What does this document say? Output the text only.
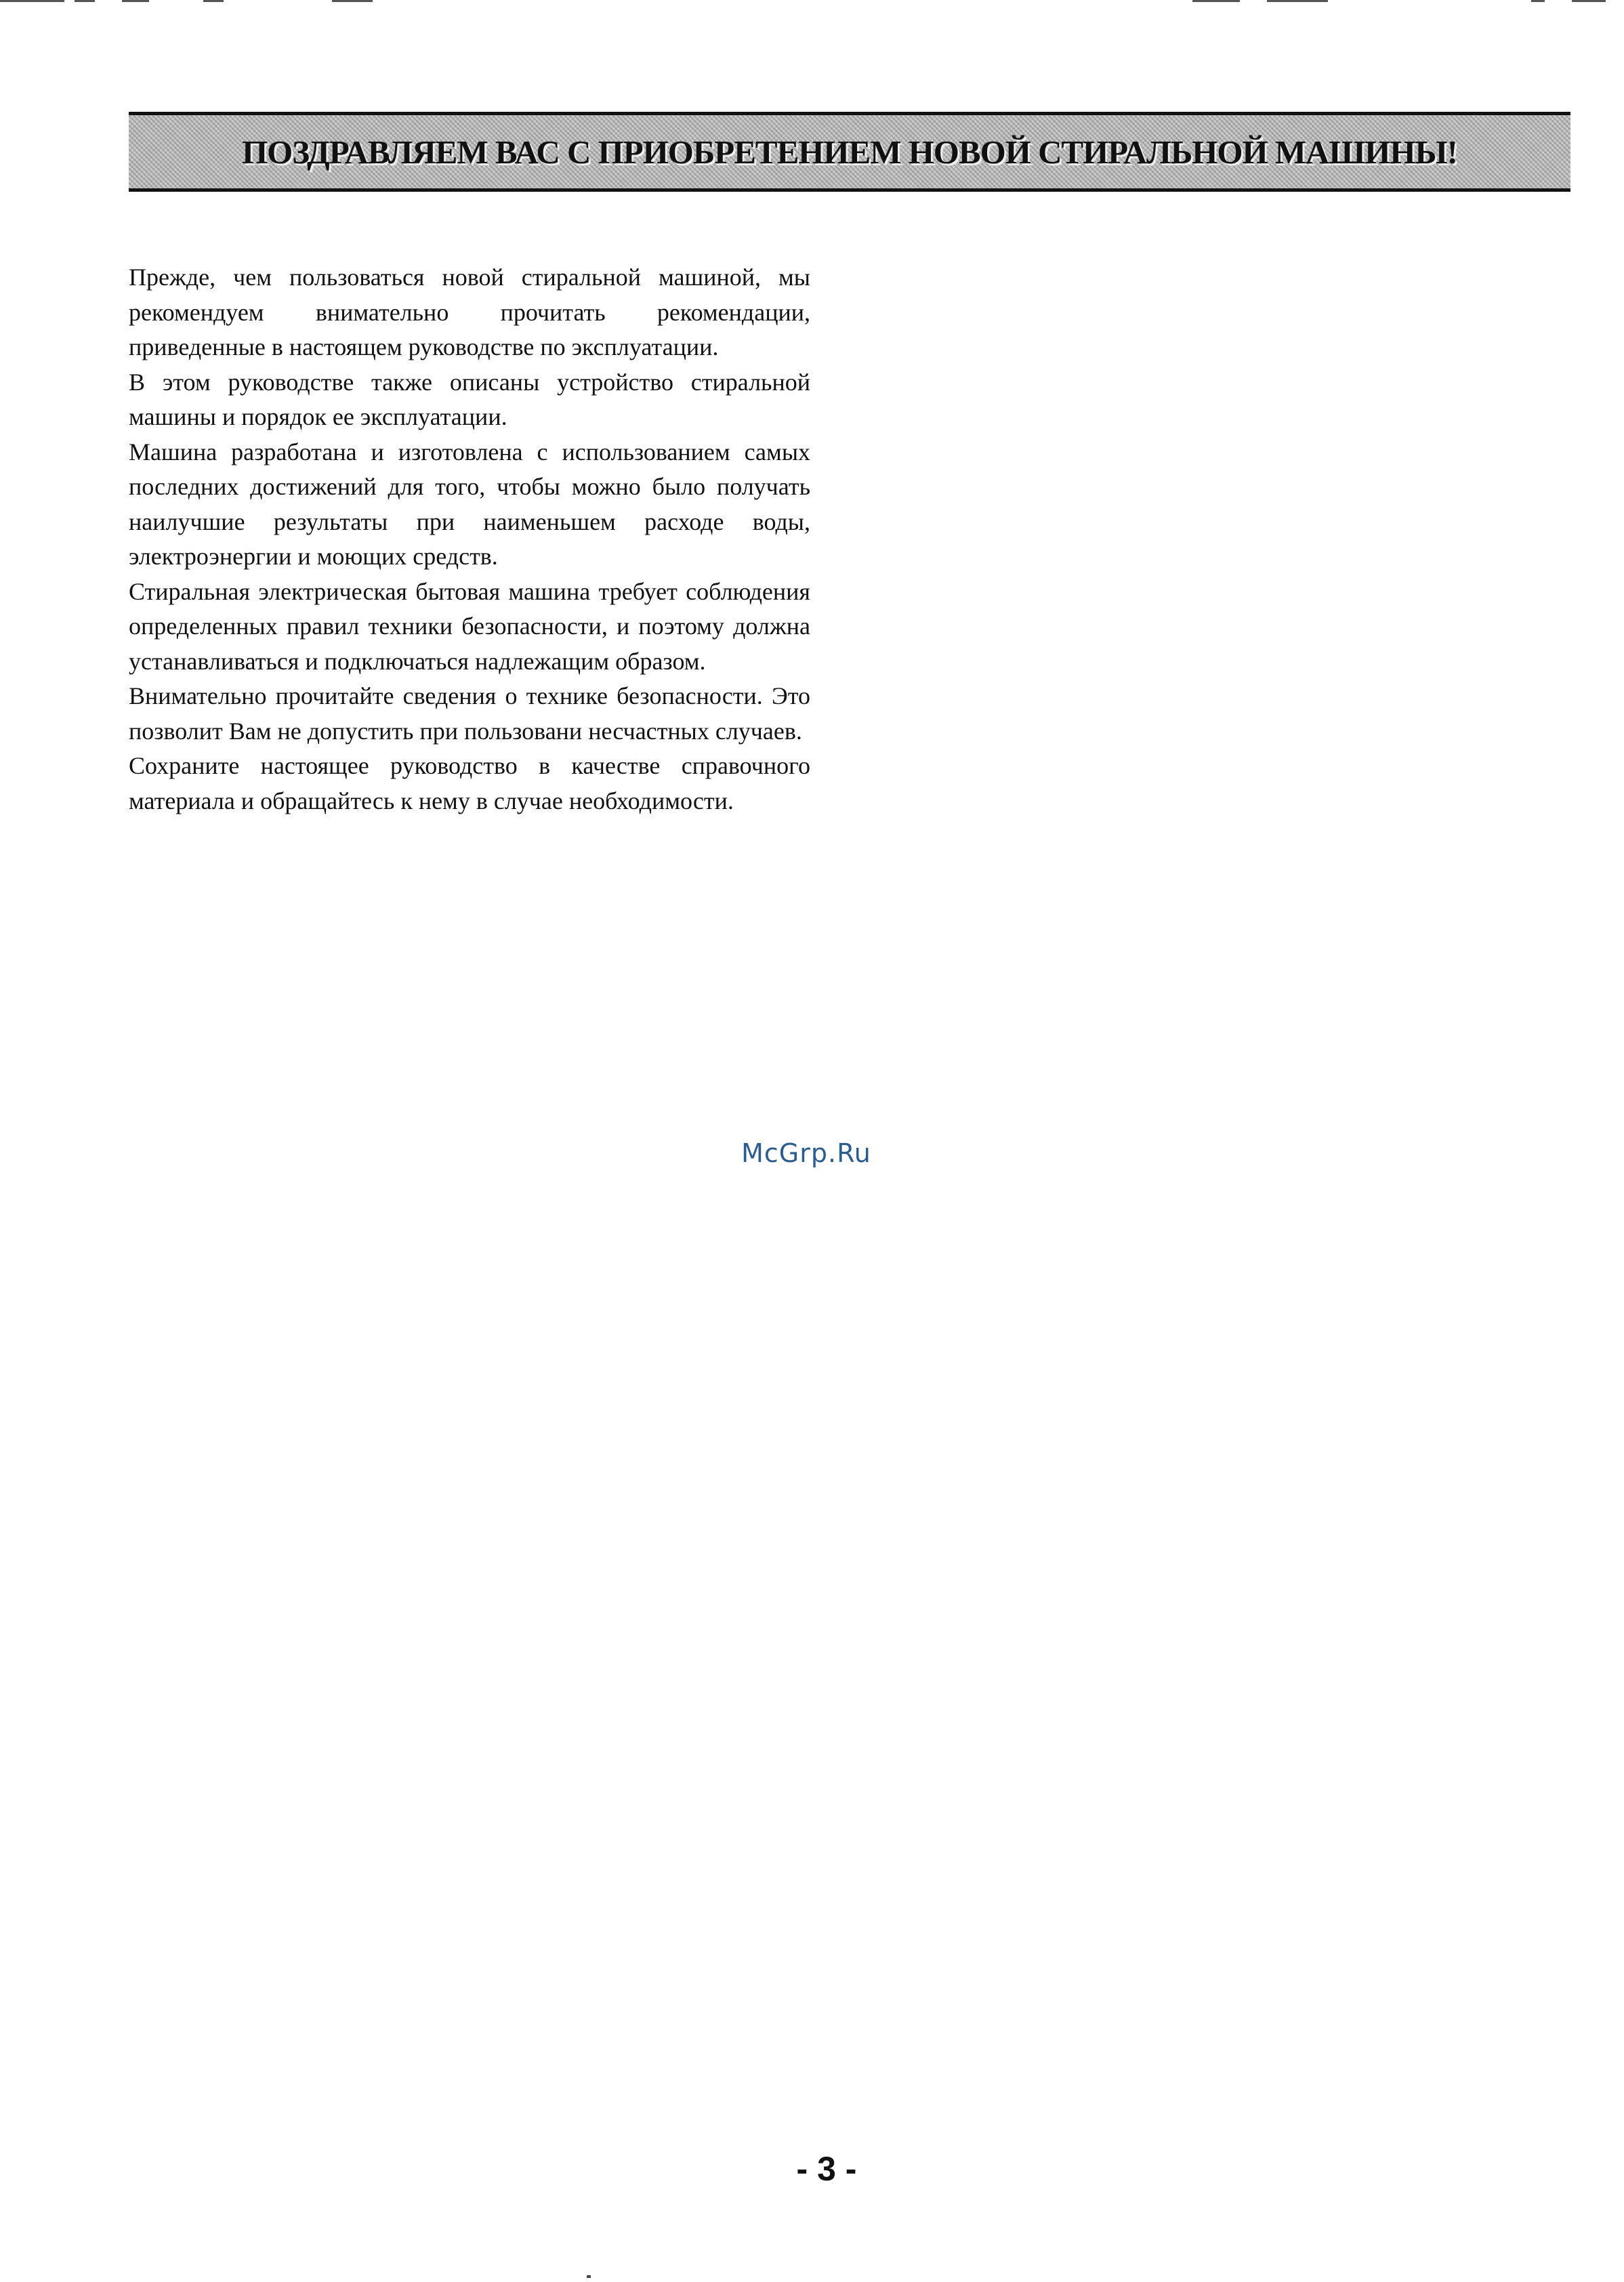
ПОЗДРАВЛЯЕМ ВАС С ПРИОБРЕТЕНИЕМ НОВОЙ СТИРАЛЬНОЙ МАШИНЫ!

Прежде, чем пользоваться новой стиральной машиной, мы рекомендуем внимательно прочитать рекомендации, приведенные в настоящем руководстве по эксплуатации.

В этом руководстве также описаны устройство стиральной машины и порядок ее эксплуатации.

Машина разработана и изготовлена с использованием самых последних достижений для того, чтобы можно было получать наилучшие результаты при наименьшем расходе воды, электроэнергии и моющих средств.

Стиральная электрическая бытовая машина требует соблюдения определенных правил техники безопасности, и поэтому должна устанавливаться и подключаться надлежащим образом.

Внимательно прочитайте сведения о технике безопасности. Это позволит Вам не допустить при пользовани несчастных случаев.

Сохраните настоящее руководство в качестве справочного материала и обращайтесь к нему в случае необходимости.

McGrp.Ru
- 3 -
